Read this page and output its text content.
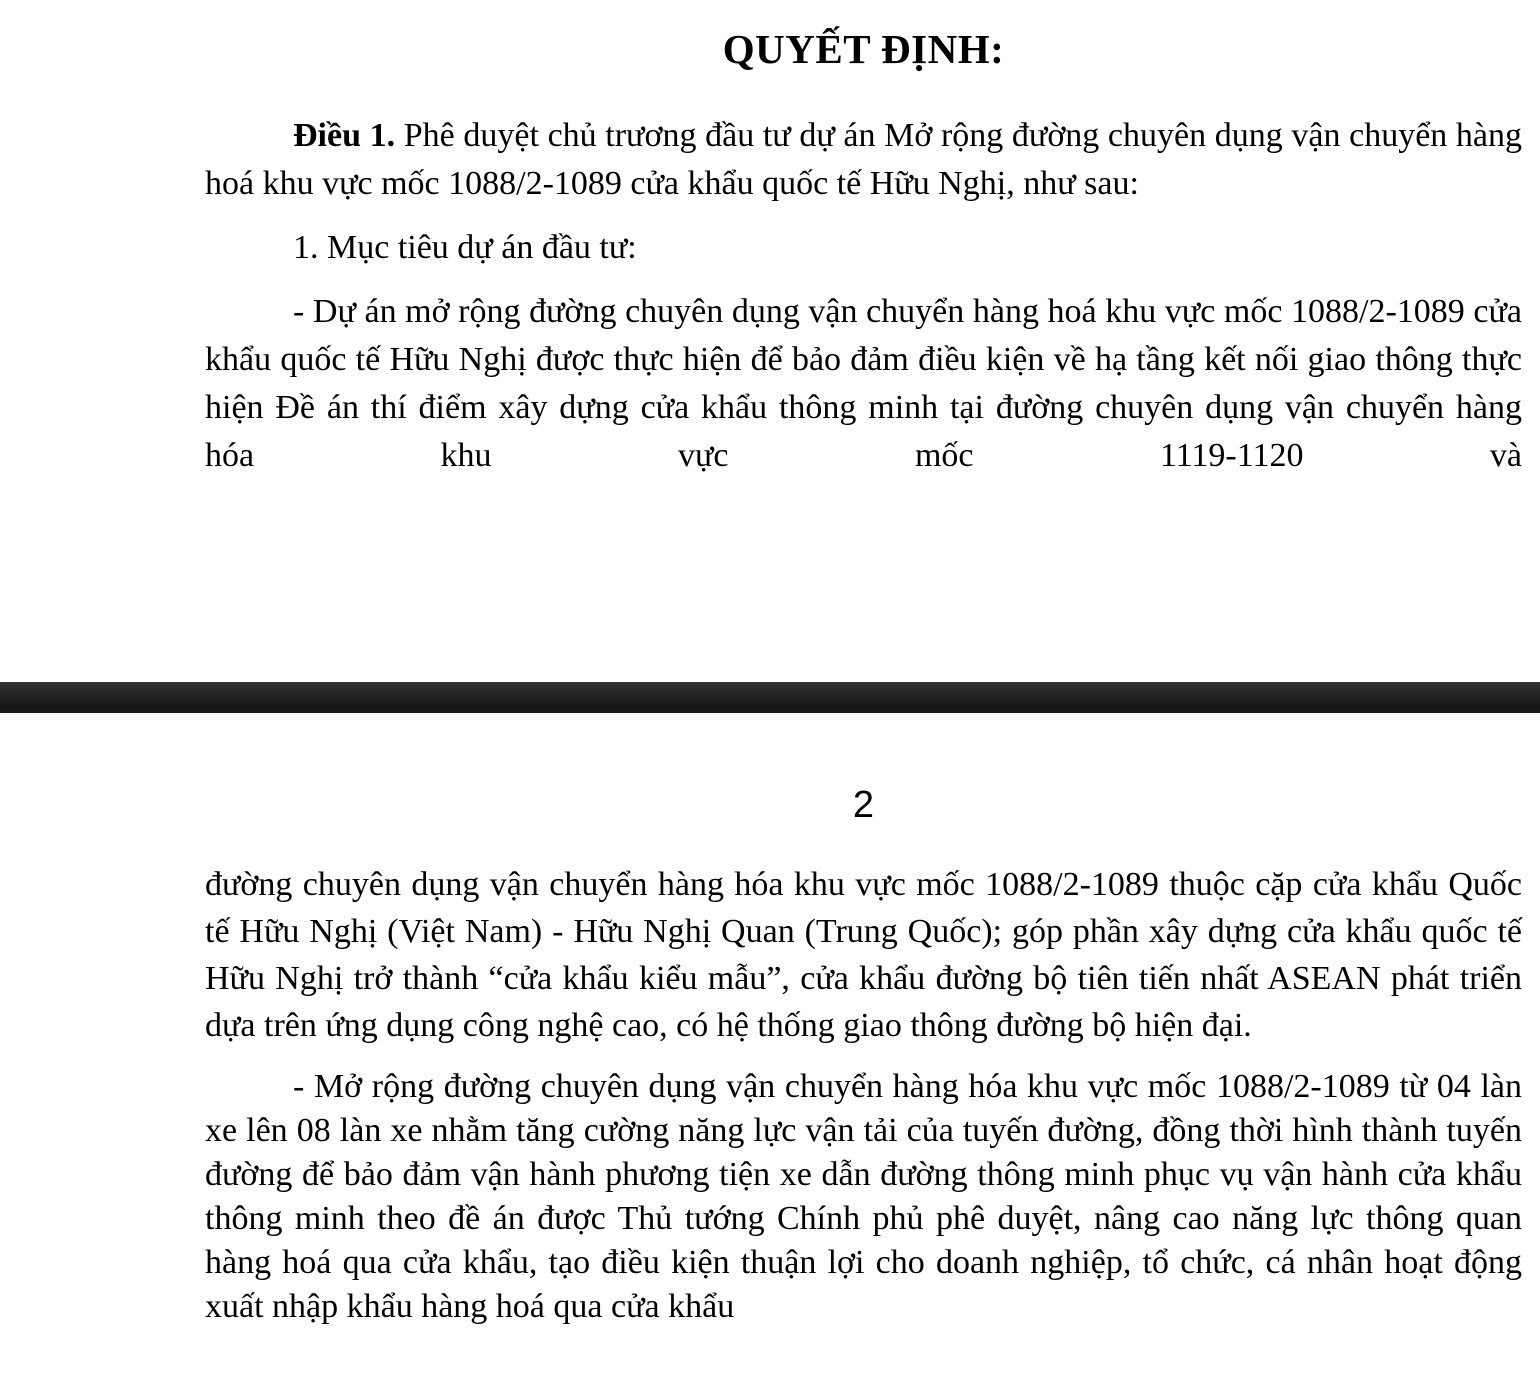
QUYẾT ĐỊNH:

Điều 1. Phê duyệt chủ trương đầu tư dự án Mở rộng đường chuyên dụng vận chuyển hàng hoá khu vực mốc 1088/2-1089 cửa khẩu quốc tế Hữu Nghị, như sau:

1. Mục tiêu dự án đầu tư:

- Dự án mở rộng đường chuyên dụng vận chuyển hàng hoá khu vực mốc 1088/2-1089 cửa khẩu quốc tế Hữu Nghị được thực hiện để bảo đảm điều kiện về hạ tầng kết nối giao thông thực hiện Đề án thí điểm xây dựng cửa khẩu thông minh tại đường chuyên dụng vận chuyển hàng hóa khu vực mốc 1119-1120 và

2

đường chuyên dụng vận chuyển hàng hóa khu vực mốc 1088/2-1089 thuộc cặp cửa khẩu Quốc tế Hữu Nghị (Việt Nam) - Hữu Nghị Quan (Trung Quốc); góp phần xây dựng cửa khẩu quốc tế Hữu Nghị trở thành “cửa khẩu kiểu mẫu”, cửa khẩu đường bộ tiên tiến nhất ASEAN phát triển dựa trên ứng dụng công nghệ cao, có hệ thống giao thông đường bộ hiện đại.

- Mở rộng đường chuyên dụng vận chuyển hàng hóa khu vực mốc 1088/2-1089 từ 04 làn xe lên 08 làn xe nhằm tăng cường năng lực vận tải của tuyến đường, đồng thời hình thành tuyến đường để bảo đảm vận hành phương tiện xe dẫn đường thông minh phục vụ vận hành cửa khẩu thông minh theo đề án được Thủ tướng Chính phủ phê duyệt, nâng cao năng lực thông quan hàng hoá qua cửa khẩu, tạo điều kiện thuận lợi cho doanh nghiệp, tổ chức, cá nhân hoạt động xuất nhập khẩu hàng hoá qua cửa khẩu
